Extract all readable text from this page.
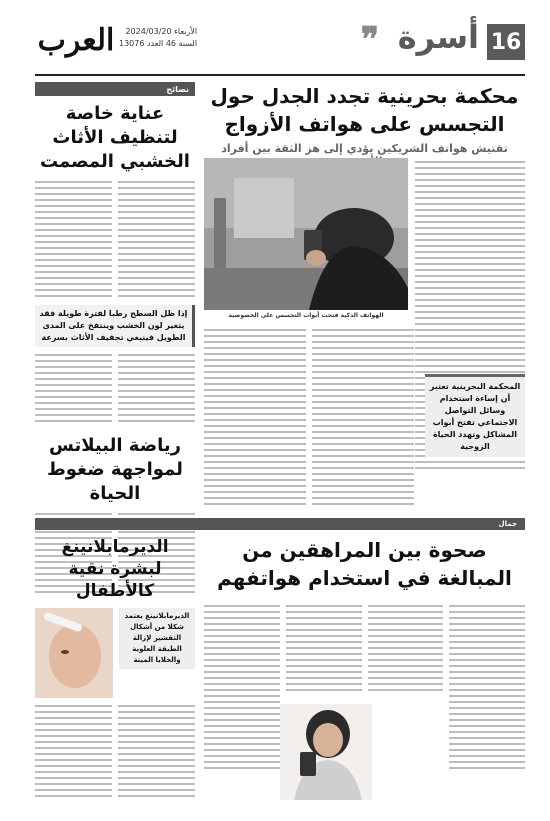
16
أسرة
❞
الأربعاء 2024/03/20
السنة 46 العدد 13076
العرب
نصائح
عناية خاصة لتنظيف الأثاث الخشبي المصمت
إذا ظل السطح رطبا لفترة طويلة فقد يتغير لون الخشب وينتفخ على المدى الطويل فينبغي تجفيف الأثاث بسرعة
رياضة البيلاتس لمواجهة ضغوط الحياة
محكمة بحرينية تجدد الجدل حول التجسس على هواتف الأزواج
تفتيش هواتف الشريكين يؤدي إلى هز الثقة بين أفراد
الهواتف الذكية فتحت أبواب التجسس على الخصوصية
المحكمة البحرينية تعتبر أن إساءة استخدام وسائل التواصل الاجتماعي تفتح أبواب المشاكل وتهدد الحياة الزوجية
جمال
الديرمابلانينغ لبشرة نقية كالأطفال
الديرمابلانينغ يعتمد شكلا من أشكال التقشير لإزالة الطبقة العلوية والخلايا الميتة
صحوة بين المراهقين من المبالغة في استخدام هواتفهم
